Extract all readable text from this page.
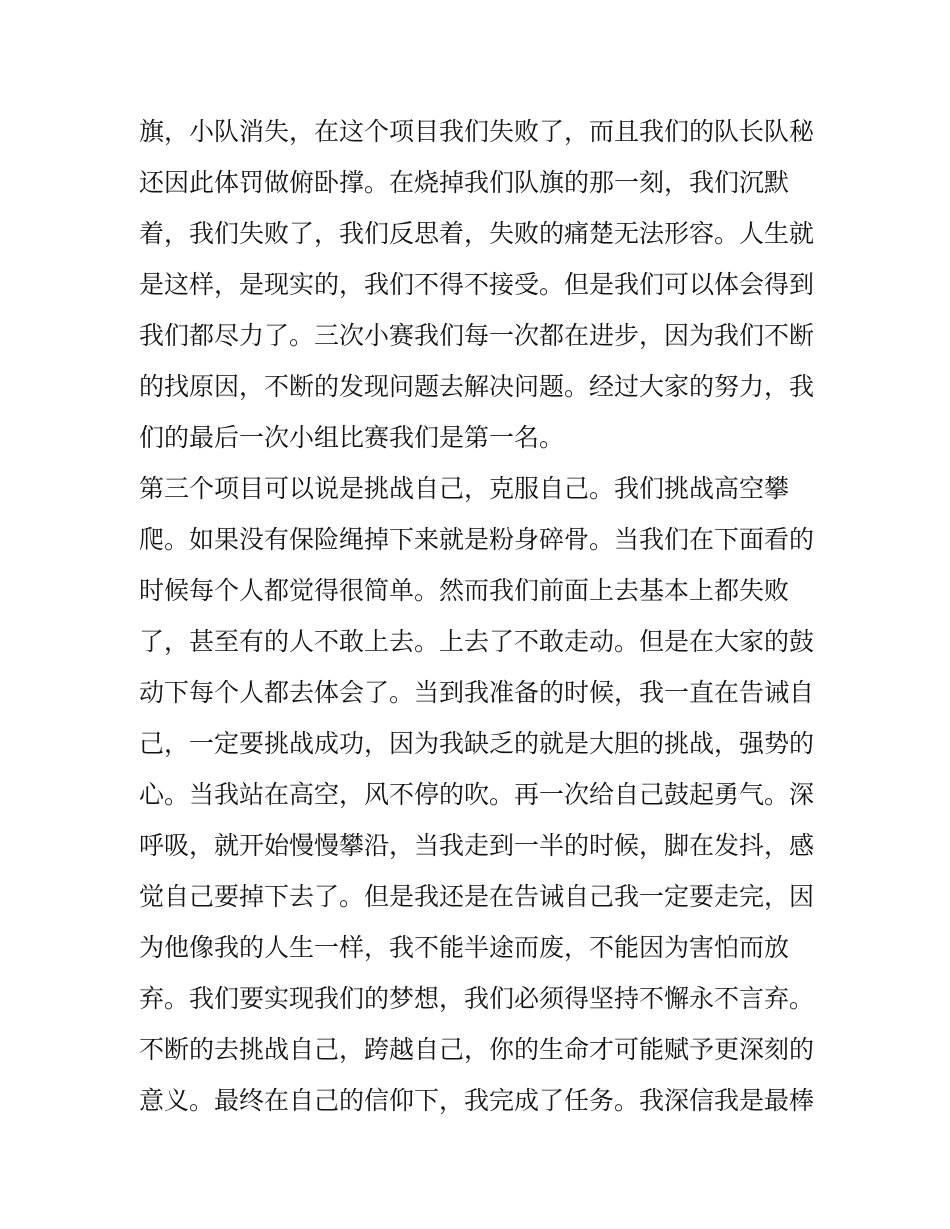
旗，小队消失，在这个项目我们失败了，而且我们的队长队秘
还因此体罚做俯卧撑。在烧掉我们队旗的那一刻，我们沉默
着，我们失败了，我们反思着，失败的痛楚无法形容。人生就
是这样，是现实的，我们不得不接受。但是我们可以体会得到
我们都尽力了。三次小赛我们每一次都在进步，因为我们不断
的找原因，不断的发现问题去解决问题。经过大家的努力，我
们的最后一次小组比赛我们是第一名。
第三个项目可以说是挑战自己，克服自己。我们挑战高空攀
爬。如果没有保险绳掉下来就是粉身碎骨。当我们在下面看的
时候每个人都觉得很简单。然而我们前面上去基本上都失败
了，甚至有的人不敢上去。上去了不敢走动。但是在大家的鼓
动下每个人都去体会了。当到我准备的时候，我一直在告诫自
己，一定要挑战成功，因为我缺乏的就是大胆的挑战，强势的
心。当我站在高空，风不停的吹。再一次给自己鼓起勇气。深
呼吸，就开始慢慢攀沿，当我走到一半的时候，脚在发抖，感
觉自己要掉下去了。但是我还是在告诫自己我一定要走完，因
为他像我的人生一样，我不能半途而废，不能因为害怕而放
弃。我们要实现我们的梦想，我们必须得坚持不懈永不言弃。
不断的去挑战自己，跨越自己，你的生命才可能赋予更深刻的
意义。最终在自己的信仰下，我完成了任务。我深信我是最棒
